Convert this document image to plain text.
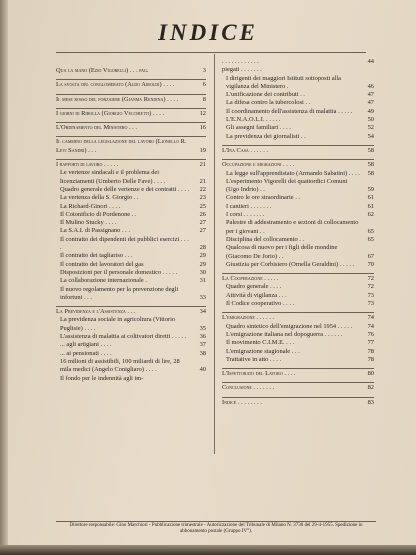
INDICE
Qua la mano (Ezio Vigorelli) . . . pag.	3
La svolta del conglomerato (Aldo Airoldi) . . . .	6
Il mese rosso del forzaiere (Gianma Rendina) . . . .	8
I giorni di Ribolla (Giorgio Vecchietti) . . . .	12
L'Ordinamento del Ministero . . .	16
Il cammino della legislazione del lavoro (Lionello R. Levi Sandri) . . .	19
I rapporti di lavoro . . . . .	21
Le vertenze sindacali e il problema dei licenziamenti (Umberto Delle Fave) . . . .	21
Quadro generale delle vertenze e dei contratti . . . .	22
La vertenza della S. Giorgio . .	23
La Richard-Ginori . . . .	25
Il Cotonificio di Pordenone . .	26
Il Mulino Stucky . . . .	27
La S.A.I. di Passignano . . .	27
Il contratto dei dipendenti dei pubblici esercizi . . . .	28
Il contratto dei tagliariso . . .	29
Il contratto dei lavoratori del gas	29
Disposizioni per il personale domestico . . . . .	30
La collaborazione internazionale .	31
Il nuovo regolamento per la prevenzione degli infortuni . . .	33
La Previdenza e l'Assistenza . . .	34
La previdenza sociale in agricoltura (Vittorio Puglisie) . . . .	35
L'assistenza di malattia ai coltivatori diretti . . . . .	36
... agli artigiani . . . .	37
... ai pensionati . . . .	38
16 milioni di assistibili, 100 miliardi di lire, 28 mila medici (Angelo Conigliaro) . . . .	40
Il fondo per le indennità agli im-
. . . . . . . . . . . .	44
piegati . . . . . . .
I dirigenti dei maggiori Istituti sottoposti alla vigilanza del Ministero .	46
L'unificazione dei contributi . .	47
La difesa contro la tubercolosi . .	47
Il coordinamento dell'assistenza di malattia . . . . .	49
L'E.N.A.O.L.I. . . . . .	50
Gli assegni familiari . . . .	52
La previdenza dei giornalisti . .	54
L'Ina Casa . . . . . .	58
Occupazione e migrazioni . . . .	58
La legge sull'apprendistato (Armando Sabatini) . . . .	58
L'esperimento Vigorelli dei quattordici Comuni (Ugo Indrio) . .	59
Contro le ore straordinarie . .	61
I cantieri . . . . . . .	61
I corsi . . . . . . .	62
Palestre di addestramento e sezioni di collocamento per i giovani . .	65
Disciplina del collocamento . .	65
Qualcosa di nuovo per i figli delle mondine (Giacomo De Jorio) . .	67
Giustizia per Corbisiero (Ornella Geraldini) . . . . .	70
La Cooperazione . . . . .	72
Quadro generale . . . .	72
Attività di vigilanza . . .	73
Il Codice cooperativo . . . .	73
L'emigrazione . . . . . .	74
Quadro sintetico dell'emigrazione nel 1954 . . . . .	74
L'emigrazione italiana nel dopoguerra . . . . . .	76
Il movimento C.I.M.E. . . .	77
L'emigrazione stagionale . . .	78
Trattative in atto . . . .	78
L'Ispettorato del Lavoro . . . .	80
Conclusione . . . . . . .	82
Indice . . . . . . . .	83
Direttore responsabile: Gino Marchiori - Pubblicazione trimestrale - Autorizzazione del Tribunale di Milano N. 3730 del 29-4-1955. Spedizione in abbonamento postale (Gruppo IV°).
